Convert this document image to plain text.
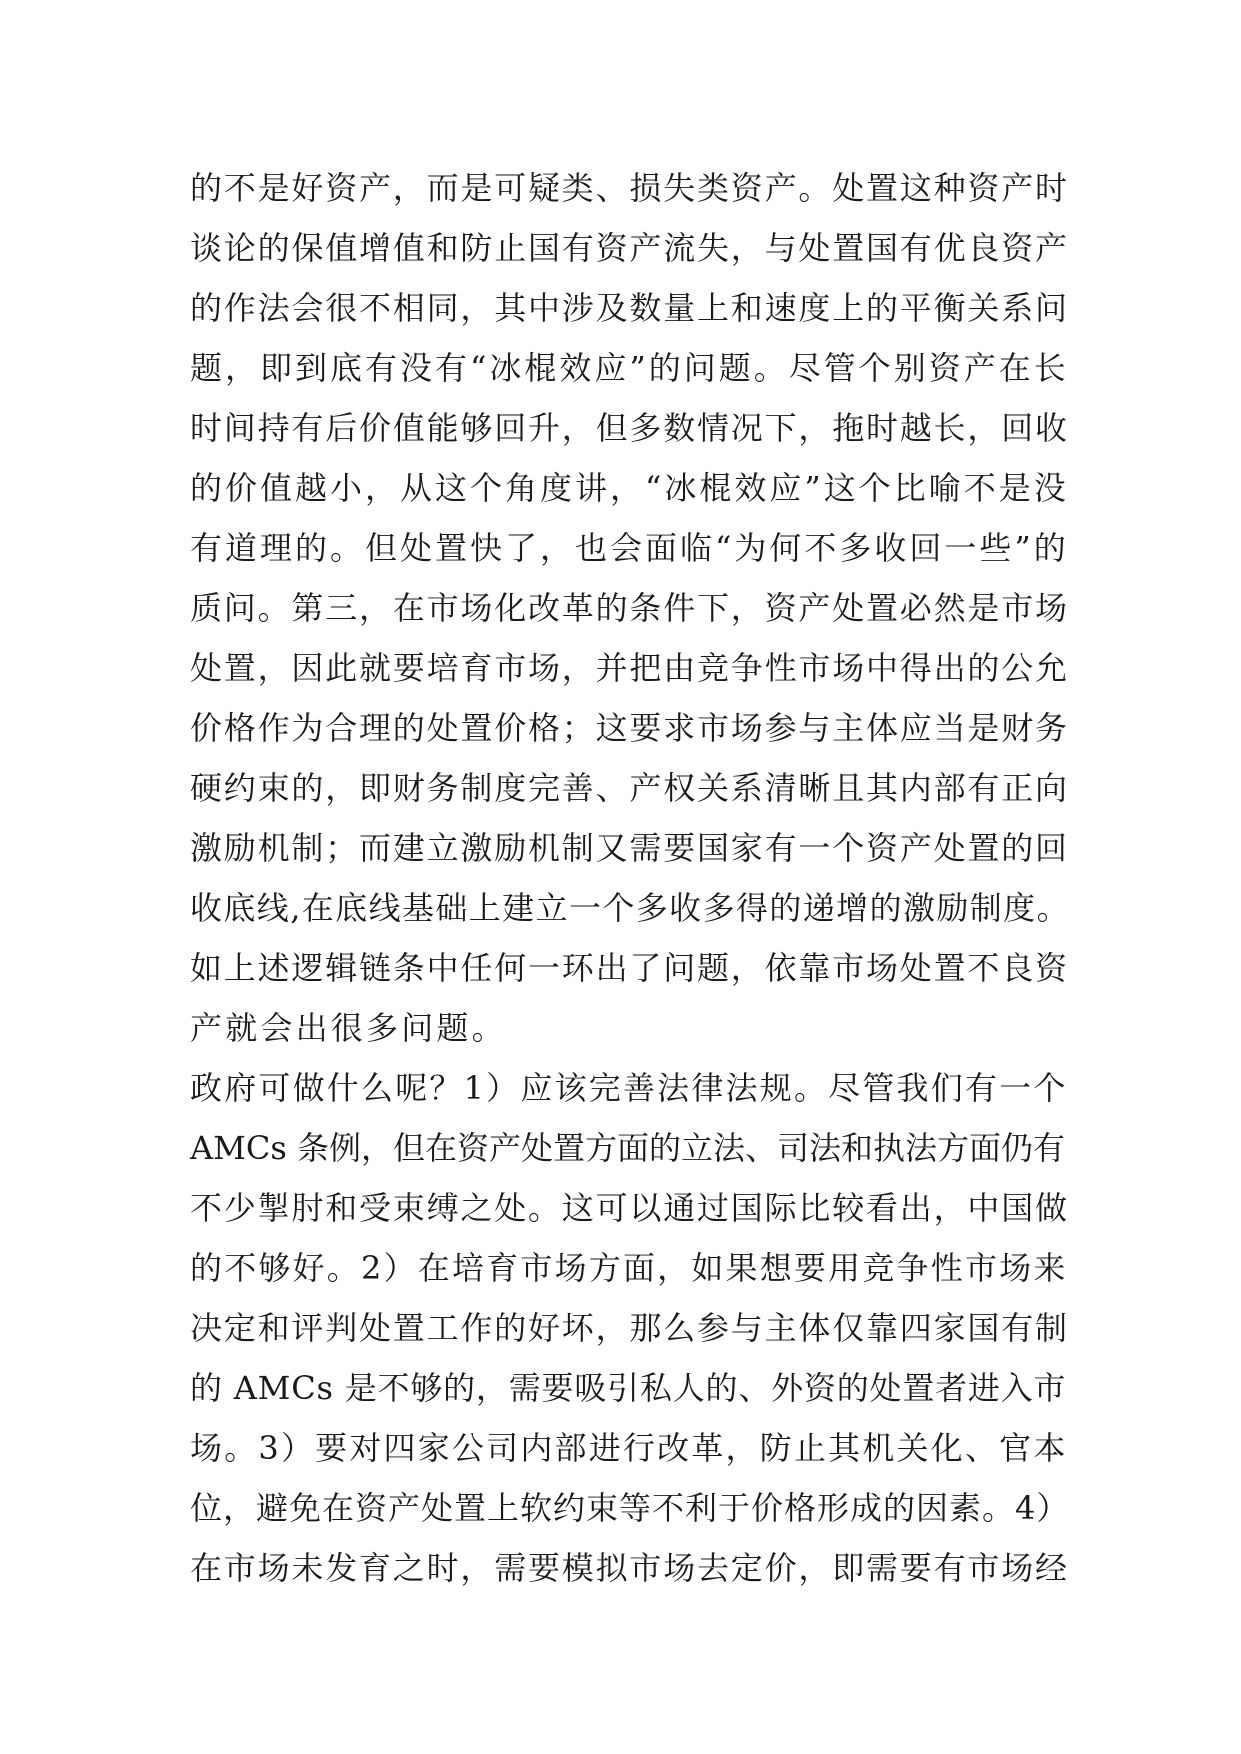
的不是好资产，而是可疑类、损失类资产。处置这种资产时
谈论的保值增值和防止国有资产流失，与处置国有优良资产
的作法会很不相同，其中涉及数量上和速度上的平衡关系问
题，即到底有没有“冰棍效应”的问题。尽管个别资产在长
时间持有后价值能够回升，但多数情况下，拖时越长，回收
的价值越小，从这个角度讲，“冰棍效应”这个比喻不是没
有道理的。但处置快了，也会面临“为何不多收回一些”的
质问。第三，在市场化改革的条件下，资产处置必然是市场
处置，因此就要培育市场，并把由竞争性市场中得出的公允
价格作为合理的处置价格；这要求市场参与主体应当是财务
硬约束的，即财务制度完善、产权关系清晰且其内部有正向
激励机制；而建立激励机制又需要国家有一个资产处置的回
收底线,在底线基础上建立一个多收多得的递增的激励制度。
如上述逻辑链条中任何一环出了问题，依靠市场处置不良资
产就会出很多问题。
政府可做什么呢？1）应该完善法律法规。尽管我们有一个
AMCs 条例，但在资产处置方面的立法、司法和执法方面仍有
不少掣肘和受束缚之处。这可以通过国际比较看出，中国做
的不够好。2）在培育市场方面，如果想要用竞争性市场来
决定和评判处置工作的好坏，那么参与主体仅靠四家国有制
的 AMCs 是不够的，需要吸引私人的、外资的处置者进入市
场。3）要对四家公司内部进行改革，防止其机关化、官本
位，避免在资产处置上软约束等不利于价格形成的因素。4）
在市场未发育之时，需要模拟市场去定价，即需要有市场经
